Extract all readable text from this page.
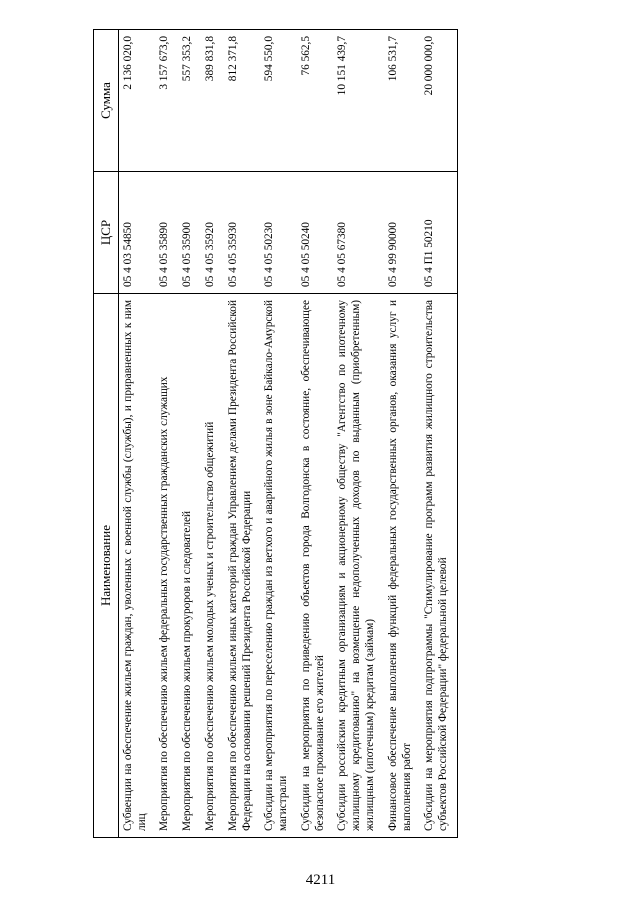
4211
Наименование	ЦСР	Сумма
Субвенции на обеспечение жильем граждан, уволенных с военной службы (службы), и приравненных к ним лиц	05 4 03 54850	2 136 020,0
Мероприятия по обеспечению жильем федеральных государственных гражданских служащих	05 4 05 35890	3 157 673,0
Мероприятия по обеспечению жильем прокуроров и следователей	05 4 05 35900	557 353,2
Мероприятия по обеспечению жильем молодых ученых и строительство общежитий	05 4 05 35920	389 831,8
Мероприятия по обеспечению жильем иных категорий граждан Управлением делами Президента Российской Федерации на основании решений Президента Российской Федерации	05 4 05 35930	812 371,8
Субсидии на мероприятия по переселению граждан из ветхого и аварийного жилья в зоне Байкало-Амурской магистрали	05 4 05 50230	594 550,0
Субсидии на мероприятия по приведению объектов города Волгодонска в состояние, обеспечивающее безопасное проживание его жителей	05 4 05 50240	76 562,5
Субсидии российским кредитным организациям и акционерному обществу "Агентство по ипотечному жилищному кредитованию" на возмещение недополученных доходов по выданным (приобретенным) жилищным (ипотечным) кредитам (займам)	05 4 05 67380	10 151 439,7
Финансовое обеспечение выполнения функций федеральных государственных органов, оказания услуг и выполнения работ	05 4 99 90000	106 531,7
Субсидии на мероприятия подпрограммы "Стимулирование программ развития жилищного строительства субъектов Российской Федерации" федеральной целевой	05 4 П1 50210	20 000 000,0
